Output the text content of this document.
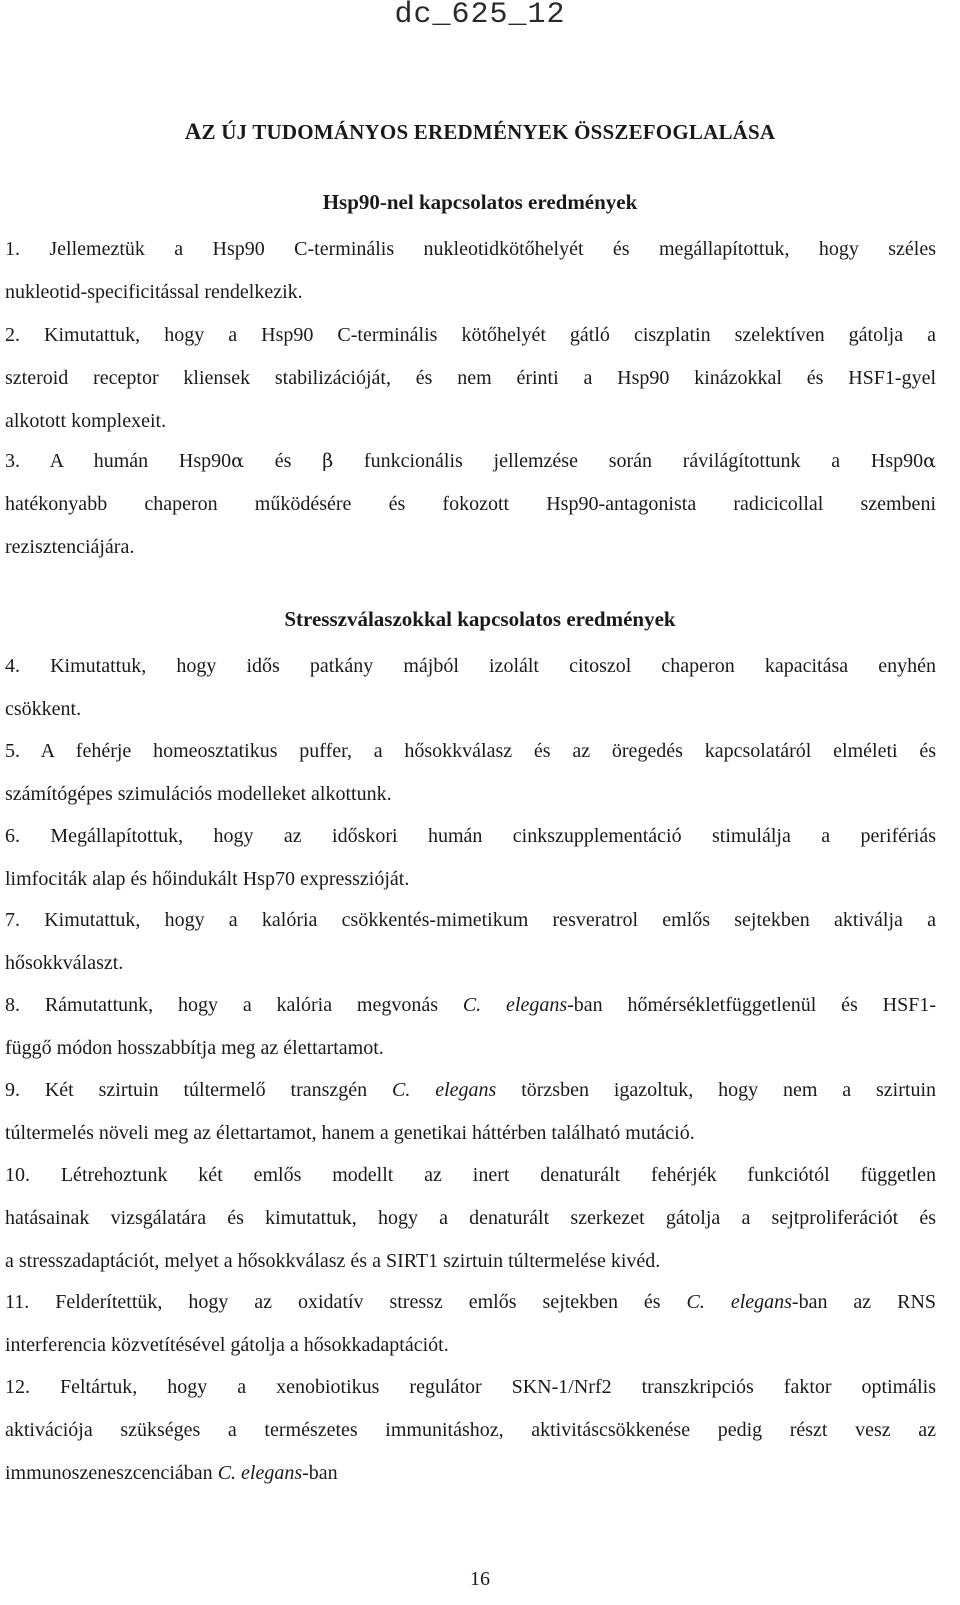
dc_625_12
AZ ÚJ TUDOMÁNYOS EREDMÉNYEK ÖSSZEFOGLALÁSA
Hsp90-nel kapcsolatos eredmények
1. Jellemeztük a Hsp90 C-terminális nukleotidkötőhelyét és megállapítottuk, hogy széles
nukleotid-specificitással rendelkezik.
2. Kimutattuk, hogy a Hsp90 C-terminális kötőhelyét gátló ciszplatin szelektíven gátolja a
szteroid receptor kliensek stabilizációját, és nem érinti a Hsp90 kinázokkal és HSF1-gyel
alkotott komplexeit.
3. A humán Hsp90α és β funkcionális jellemzése során rávilágítottunk a Hsp90α
hatékonyabb chaperon működésére és fokozott Hsp90-antagonista radicicollal szembeni
rezisztenciájára.
Stresszválaszokkal kapcsolatos eredmények
4. Kimutattuk, hogy idős patkány májból izolált citoszol chaperon kapacitása enyhén
csökkent.
5. A fehérje homeosztatikus puffer, a hősokkválasz és az öregedés kapcsolatáról elméleti és
számítógépes szimulációs modelleket alkottunk.
6. Megállapítottuk, hogy az időskori humán cinkszupplementáció stimulálja a perifériás
limfociták alap és hőindukált Hsp70 expresszióját.
7. Kimutattuk, hogy a kalória csökkentés-mimetikum resveratrol emlős sejtekben aktiválja a
hősokkválaszt.
8. Rámutattunk, hogy a kalória megvonás C. elegans-ban hőmérsékletfüggetlenül és HSF1-
függő módon hosszabbítja meg az élettartamot.
9. Két szirtuin túltermelő transzgén C. elegans törzsben igazoltuk, hogy nem a szirtuin
túltermelés növeli meg az élettartamot, hanem a genetikai háttérben található mutáció.
10. Létrehoztunk két emlős modellt az inert denaturált fehérjék funkciótól független
hatásainak vizsgálatára és kimutattuk, hogy a denaturált szerkezet gátolja a sejtproliferációt és
a stresszadaptációt, melyet a hősokkválasz és a SIRT1 szirtuin túltermelése kivéd.
11. Felderítettük, hogy az oxidatív stressz emlős sejtekben és C. elegans-ban az RNS
interferencia közvetítésével gátolja a hősokkadaptációt.
12. Feltártuk, hogy a xenobiotikus regulátor SKN-1/Nrf2 transzkripciós faktor optimális
aktivációja szükséges a természetes immunitáshoz, aktivitáscsökkenése pedig részt vesz az
immunoszeneszcenciában C. elegans-ban
16
